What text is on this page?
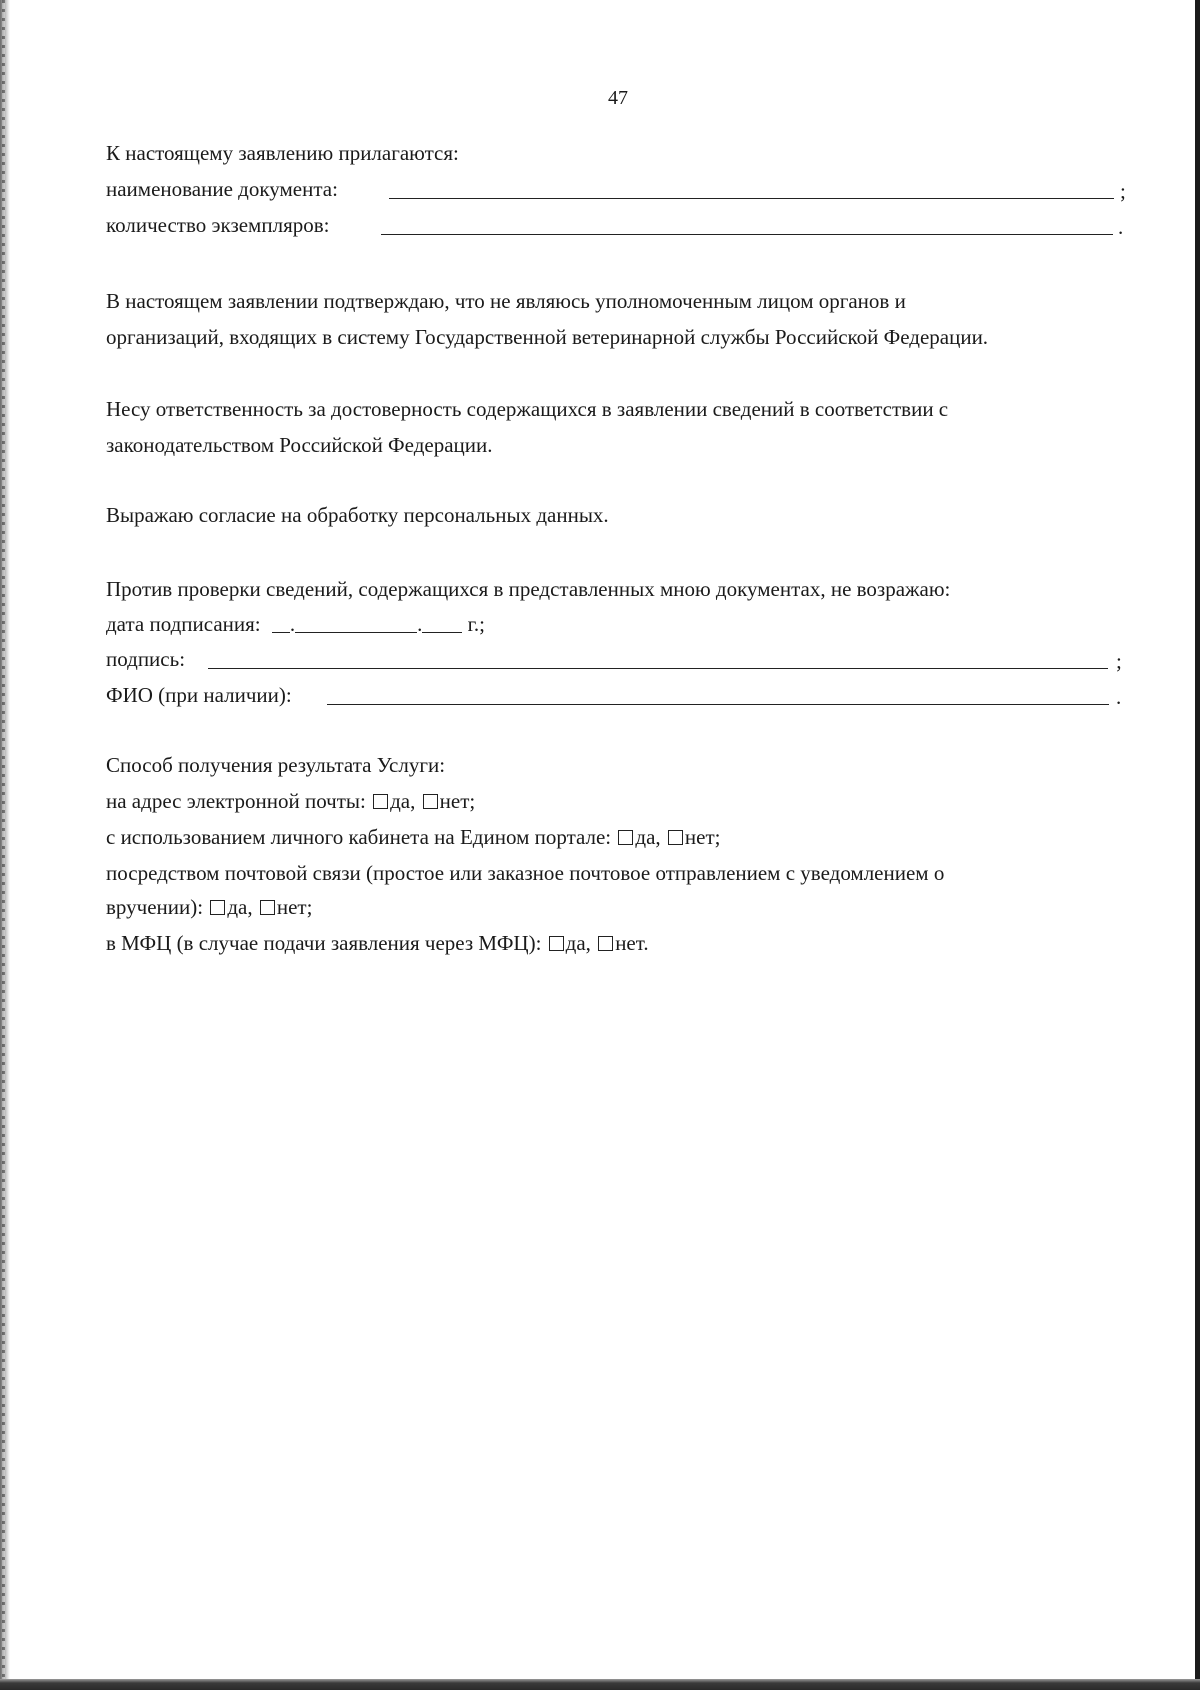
47
К настоящему заявлению прилагаются:
наименование документа:	;
количество экземпляров:	.
В настоящем заявлении подтверждаю, что не являюсь уполномоченным лицом органов и
организаций, входящих в систему Государственной ветеринарной службы Российской Федерации.
Несу ответственность за достоверность содержащихся в заявлении сведений в соответствии с
законодательством Российской Федерации.
Выражаю согласие на обработку персональных данных.
Против проверки сведений, содержащихся в представленных мною документах, не возражаю:
дата подписания: .	. г.;
подпись:	;
ФИО (при наличии):	.
Способ получения результата Услуги:
на адрес электронной почты: да, нет;
с использованием личного кабинета на Едином портале: да, нет;
посредством почтовой связи (простое или заказное почтовое отправлением с уведомлением о
вручении): да, нет;
в МФЦ (в случае подачи заявления через МФЦ): да, нет.
